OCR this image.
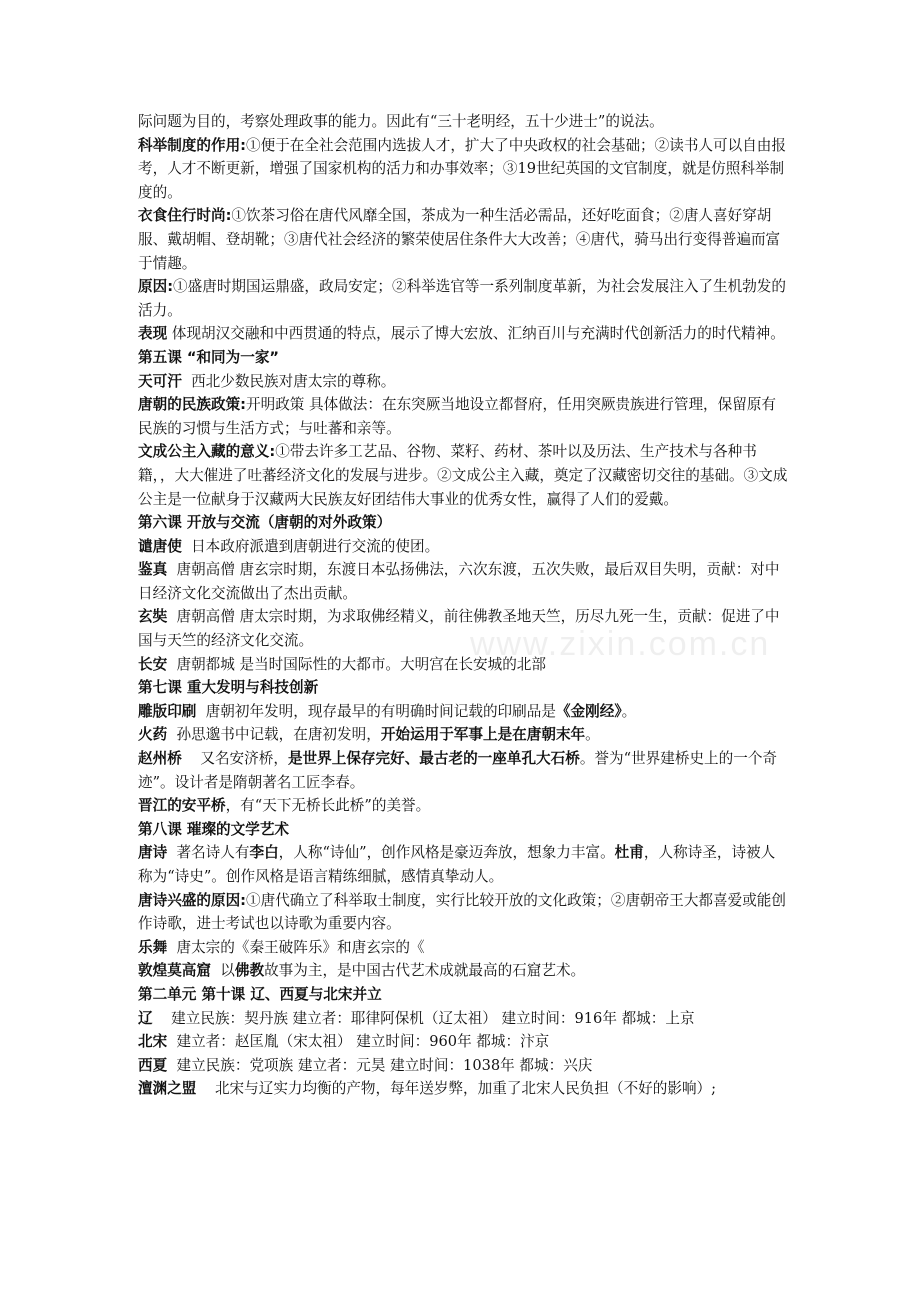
www.zixin.com.cn

际问题为目的，考察处理政事的能力。因此有“三十老明经，五十少进士”的说法。

科举制度的作用:①便于在全社会范围内选拔人才，扩大了中央政权的社会基础；②读书人可以自由报考，人才不断更新，增强了国家机构的活力和办事效率；③19世纪英国的文官制度，就是仿照科举制度的。

衣食住行时尚:①饮茶习俗在唐代风靡全国，茶成为一种生活必需品，还好吃面食；②唐人喜好穿胡服、戴胡帽、登胡靴；③唐代社会经济的繁荣使居住条件大大改善；④唐代，骑马出行变得普遍而富于情趣。

原因:①盛唐时期国运鼎盛，政局安定；②科举选官等一系列制度革新，为社会发展注入了生机勃发的活力。

表现 体现胡汉交融和中西贯通的特点，展示了博大宏放、汇纳百川与充满时代创新活力的时代精神。

第五课 “和同为一家”

天可汗 西北少数民族对唐太宗的尊称。

唐朝的民族政策:开明政策 具体做法：在东突厥当地设立都督府，任用突厥贵族进行管理，保留原有民族的习惯与生活方式；与吐蕃和亲等。

文成公主入藏的意义:①带去许多工艺品、谷物、菜籽、药材、茶叶以及历法、生产技术与各种书籍，，大大催进了吐蕃经济文化的发展与进步。②文成公主入藏，奠定了汉藏密切交往的基础。③文成公主是一位献身于汉藏两大民族友好团结伟大事业的优秀女性，赢得了人们的爱戴。

第六课 开放与交流（唐朝的对外政策）

谴唐使 日本政府派遣到唐朝进行交流的使团。

鉴真 唐朝高僧 唐玄宗时期，东渡日本弘扬佛法，六次东渡，五次失败，最后双目失明，贡献：对中日经济文化交流做出了杰出贡献。

玄奘 唐朝高僧 唐太宗时期，为求取佛经精义，前往佛教圣地天竺，历尽九死一生，贡献：促进了中国与天竺的经济文化交流。

长安 唐朝都城 是当时国际性的大都市。大明宫在长安城的北部

第七课 重大发明与科技创新

雕版印刷 唐朝初年发明，现存最早的有明确时间记载的印刷品是《金刚经》。

火药 孙思邈书中记载，在唐初发明，开始运用于军事上是在唐朝末年。

赵州桥 又名安济桥，是世界上保存完好、最古老的一座单孔大石桥。誉为“世界建桥史上的一个奇迹”。设计者是隋朝著名工匠李春。

晋江的安平桥，有“天下无桥长此桥”的美誉。

第八课 璀璨的文学艺术

唐诗 著名诗人有李白，人称“诗仙”，创作风格是豪迈奔放，想象力丰富。杜甫，人称诗圣，诗被人称为“诗史”。创作风格是语言精练细腻，感情真挚动人。

唐诗兴盛的原因:①唐代确立了科举取士制度，实行比较开放的文化政策；②唐朝帝王大都喜爱或能创作诗歌，进士考试也以诗歌为重要内容。

乐舞 唐太宗的《秦王破阵乐》和唐玄宗的《

敦煌莫高窟 以佛教故事为主，是中国古代艺术成就最高的石窟艺术。

第二单元 第十课 辽、西夏与北宋并立

辽 建立民族：契丹族 建立者：耶律阿保机（辽太祖） 建立时间：916年 都城：上京

北宋 建立者：赵匡胤（宋太祖） 建立时间：960年 都城：汴京

西夏 建立民族：党项族 建立者：元昊 建立时间：1038年 都城：兴庆

澶渊之盟 北宋与辽实力均衡的产物，每年送岁弊，加重了北宋人民负担（不好的影响）;
